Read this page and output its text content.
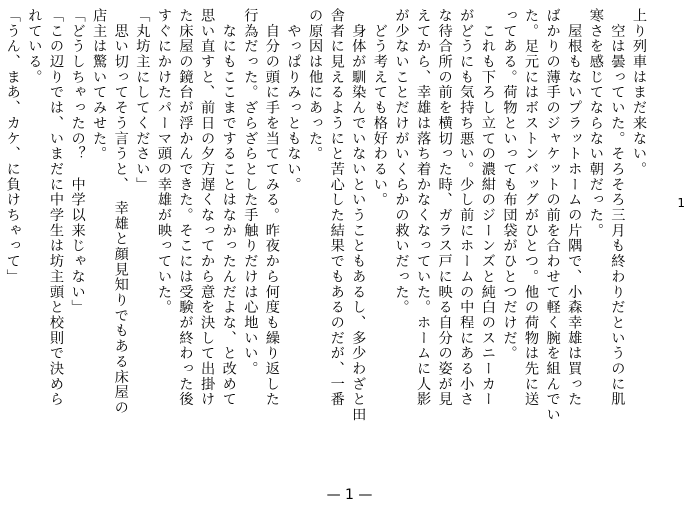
上り列車はまだ来ない。
　空は曇っていた。そろそろ三月も終わりだというのに肌
寒さを感じてならない朝だった。
　屋根もないプラットホームの片隅で、小森幸雄は買った
ばかりの薄手のジャケットの前を合わせて軽く腕を組んでい
た。足元にはボストンバッグがひとつ。他の荷物は先に送
ってある。荷物といっても布団袋がひとつだけだ。
　これも下ろし立ての濃紺のジーンズと純白のスニーカー
がどうにも気持ち悪い。少し前にホームの中程にある小さ
な待合所の前を横切った時、ガラス戸に映る自分の姿が見
えてから、幸雄は落ち着かなくなっていた。ホームに人影
が少ないことだけがいくらかの救いだった。
　どう考えても格好わるい。
　身体が馴染んでいないということもあるし、多少わざと田
舎者に見えるようにと苦心した結果でもあるのだが、一番
の原因は他にあった。
　やっぱりみっともない。
　自分の頭に手を当ててみる。昨夜から何度も繰り返した
行為だった。ざらざらとした手触りだけは心地いい。
　なにもここまですることはなかったんだよな、と改めて
思い直すと、前日の夕方遅くなってから意を決して出掛け
た床屋の鏡台が浮かんできた。そこには受験が終わった後
すぐにかけたパーマ頭の幸雄が映っていた。
「丸坊主にしてください」
　思い切ってそう言うと、　幸雄と顔見知りでもある床屋の
店主は驚いてみせた。
「どうしちゃったの？　中学以来じゃない」
「この辺りでは、いまだに中学生は坊主頭と校則で決めら
れている。
「うん、まあ、カケ、に負けちゃって」	1
— 1 —
